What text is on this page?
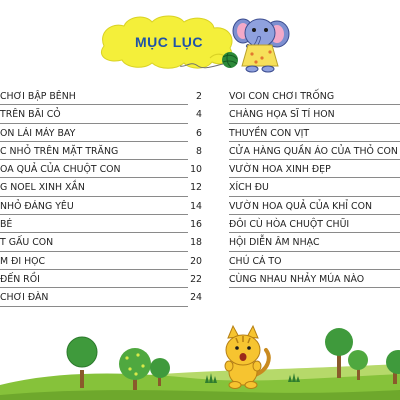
MỤC LỤC
CHƠI BẬP BÊNH	2
TRÊN BÃI CỎ	4
ON LÁI MÁY BAY	6
C NHỎ TRÊN MẶT TRĂNG	8
OA QUẢ CỦA CHUỘT CON	10
G NOEL XINH XẮN	12
NHỎ ĐÁNG YÊU	14
BÉ	16
T GẤU CON	18
M ĐI HỌC	20
ĐẾN RỒI	22
CHƠI ĐÀN	24
VOI CON CHƠI TRỐNG
CHÀNG HỌA SĨ TÍ HON
THUYỀN CON VỊT
CỬA HÀNG QUẦN ÁO CỦA THỎ CON
VƯỜN HOA XINH ĐẸP
XÍCH ĐU
VƯỜN HOA QUẢ CỦA KHỈ CON
ĐÔI CÙ HÒA CHUỘT CHŨI
HỘI DIỄN ÂM NHẠC
CHÚ CÁ TO
CÙNG NHAU NHẢY MÚA NÀO
